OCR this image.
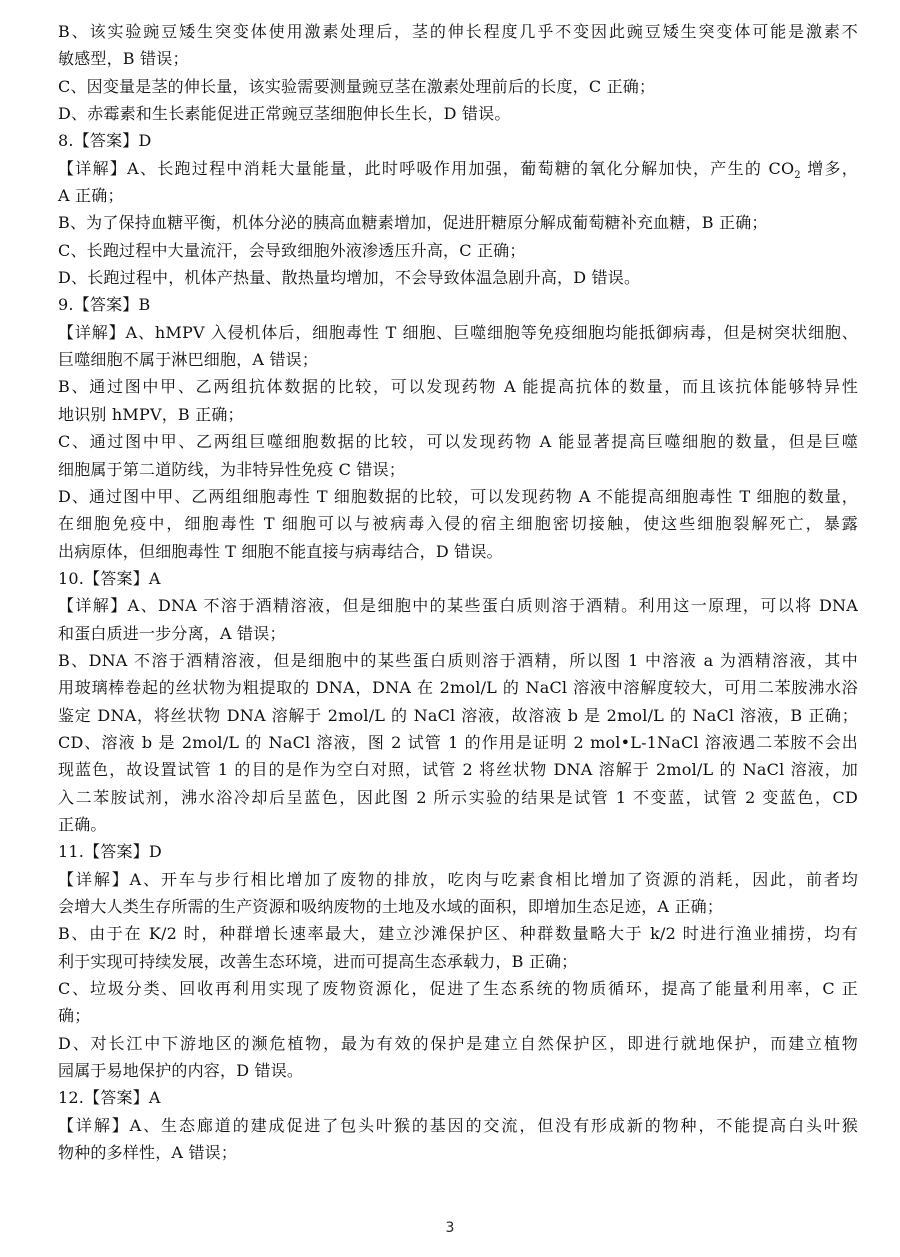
B、该实验豌豆矮生突变体使用激素处理后，茎的伸长程度几乎不变因此豌豆矮生突变体可能是激素不
敏感型，B 错误；
C、因变量是茎的伸长量，该实验需要测量豌豆茎在激素处理前后的长度，C 正确；
D、赤霉素和生长素能促进正常豌豆茎细胞伸长生长，D 错误。
8.【答案】D
【详解】A、长跑过程中消耗大量能量，此时呼吸作用加强，葡萄糖的氧化分解加快，产生的 $CO_2$ 增多，
A 正确；
B、为了保持血糖平衡，机体分泌的胰高血糖素增加，促进肝糖原分解成葡萄糖补充血糖，B 正确；
C、长跑过程中大量流汗，会导致细胞外液渗透压升高，C 正确；
D、长跑过程中，机体产热量、散热量均增加，不会导致体温急剧升高，D 错误。
9.【答案】B
【详解】A、hMPV 入侵机体后，细胞毒性 T 细胞、巨噬细胞等免疫细胞均能抵御病毒，但是树突状细胞、
巨噬细胞不属于淋巴细胞，A 错误；
B、通过图中甲、乙两组抗体数据的比较，可以发现药物 A 能提高抗体的数量，而且该抗体能够特异性
地识别 hMPV，B 正确；
C、通过图中甲、乙两组巨噬细胞数据的比较，可以发现药物 A 能显著提高巨噬细胞的数量，但是巨噬
细胞属于第二道防线，为非特异性免疫 C 错误；
D、通过图中甲、乙两组细胞毒性 T 细胞数据的比较，可以发现药物 A 不能提高细胞毒性 T 细胞的数量，
在细胞免疫中，细胞毒性 T 细胞可以与被病毒入侵的宿主细胞密切接触，使这些细胞裂解死亡，暴露
出病原体，但细胞毒性 T 细胞不能直接与病毒结合，D 错误。
10.【答案】A
【详解】A、DNA 不溶于酒精溶液，但是细胞中的某些蛋白质则溶于酒精。利用这一原理，可以将 DNA
和蛋白质进一步分离，A 错误；
B、DNA 不溶于酒精溶液，但是细胞中的某些蛋白质则溶于酒精，所以图 1 中溶液 a 为酒精溶液，其中
用玻璃棒卷起的丝状物为粗提取的 DNA，DNA 在 2mol/L 的 NaCl 溶液中溶解度较大，可用二苯胺沸水浴
鉴定 DNA，将丝状物 DNA 溶解于 2mol/L 的 NaCl 溶液，故溶液 b 是 2mol/L 的 NaCl 溶液，B 正确；
CD、溶液 b 是 2mol/L 的 NaCl 溶液，图 2 试管 1 的作用是证明 2 mol•L-1NaCl 溶液遇二苯胺不会出
现蓝色，故设置试管 1 的目的是作为空白对照，试管 2 将丝状物 DNA 溶解于 2mol/L 的 NaCl 溶液，加
入二苯胺试剂，沸水浴冷却后呈蓝色，因此图 2 所示实验的结果是试管 1 不变蓝，试管 2 变蓝色，CD
正确。
11.【答案】D
【详解】A、开车与步行相比增加了废物的排放，吃肉与吃素食相比增加了资源的消耗，因此，前者均
会增大人类生存所需的生产资源和吸纳废物的土地及水域的面积，即增加生态足迹，A 正确；
B、由于在 K/2 时，种群增长速率最大，建立沙滩保护区、种群数量略大于 k/2 时进行渔业捕捞，均有
利于实现可持续发展，改善生态环境，进而可提高生态承载力，B 正确；
C、垃圾分类、回收再利用实现了废物资源化，促进了生态系统的物质循环，提高了能量利用率，C 正
确；
D、对长江中下游地区的濒危植物，最为有效的保护是建立自然保护区，即进行就地保护，而建立植物
园属于易地保护的内容，D 错误。
12.【答案】A
【详解】A、生态廊道的建成促进了包头叶猴的基因的交流，但没有形成新的物种，不能提高白头叶猴
物种的多样性，A 错误；
3
